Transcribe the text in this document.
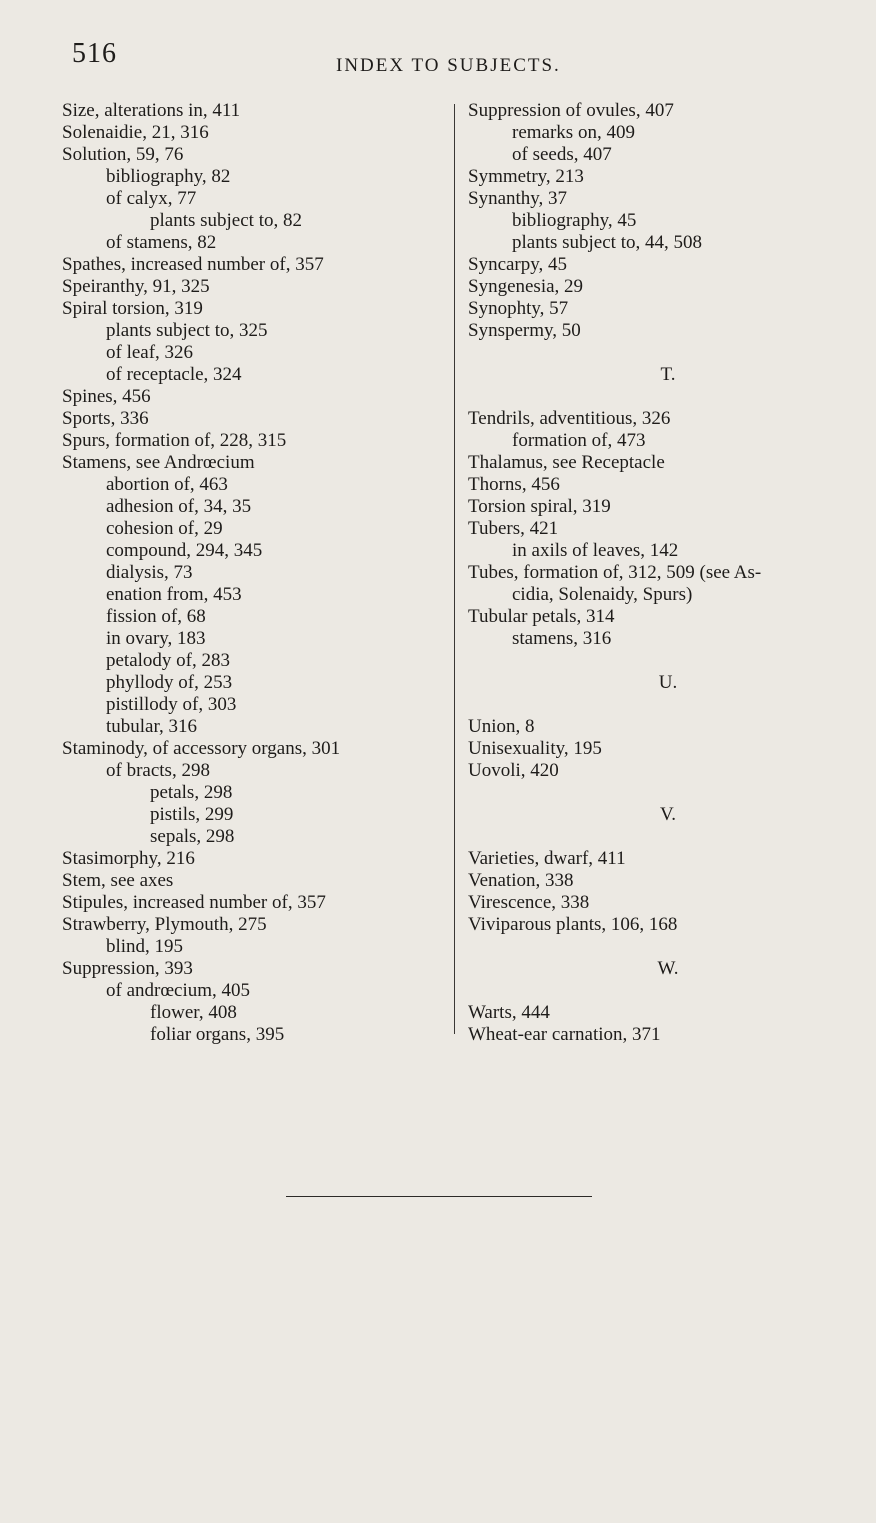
516	INDEX TO SUBJECTS.
Size, alterations in, 411
Solenaidie, 21, 316
Solution, 59, 76
bibliography, 82
of calyx, 77
plants subject to, 82
of stamens, 82
Spathes, increased number of, 357
Speiranthy, 91, 325
Spiral torsion, 319
plants subject to, 325
of leaf, 326
of receptacle, 324
Spines, 456
Sports, 336
Spurs, formation of, 228, 315
Stamens, see Andrœcium
abortion of, 463
adhesion of, 34, 35
cohesion of, 29
compound, 294, 345
dialysis, 73
enation from, 453
fission of, 68
in ovary, 183
petalody of, 283
phyllody of, 253
pistillody of, 303
tubular, 316
Staminody, of accessory organs, 301
of bracts, 298
petals, 298
pistils, 299
sepals, 298
Stasimorphy, 216
Stem, see axes
Stipules, increased number of, 357
Strawberry, Plymouth, 275
blind, 195
Suppression, 393
of andrœcium, 405
flower, 408
foliar organs, 395
Suppression of ovules, 407
remarks on, 409
of seeds, 407
Symmetry, 213
Synanthy, 37
bibliography, 45
plants subject to, 44, 508
Syncarpy, 45
Syngenesia, 29
Synophty, 57
Synspermy, 50
T.
Tendrils, adventitious, 326
formation of, 473
Thalamus, see Receptacle
Thorns, 456
Torsion spiral, 319
Tubers, 421
in axils of leaves, 142
Tubes, formation of, 312, 509 (see As-
cidia, Solenaidy, Spurs)
Tubular petals, 314
stamens, 316
U.
Union, 8
Unisexuality, 195
Uovoli, 420
V.
Varieties, dwarf, 411
Venation, 338
Virescence, 338
Viviparous plants, 106, 168
W.
Warts, 444
Wheat-ear carnation, 371
